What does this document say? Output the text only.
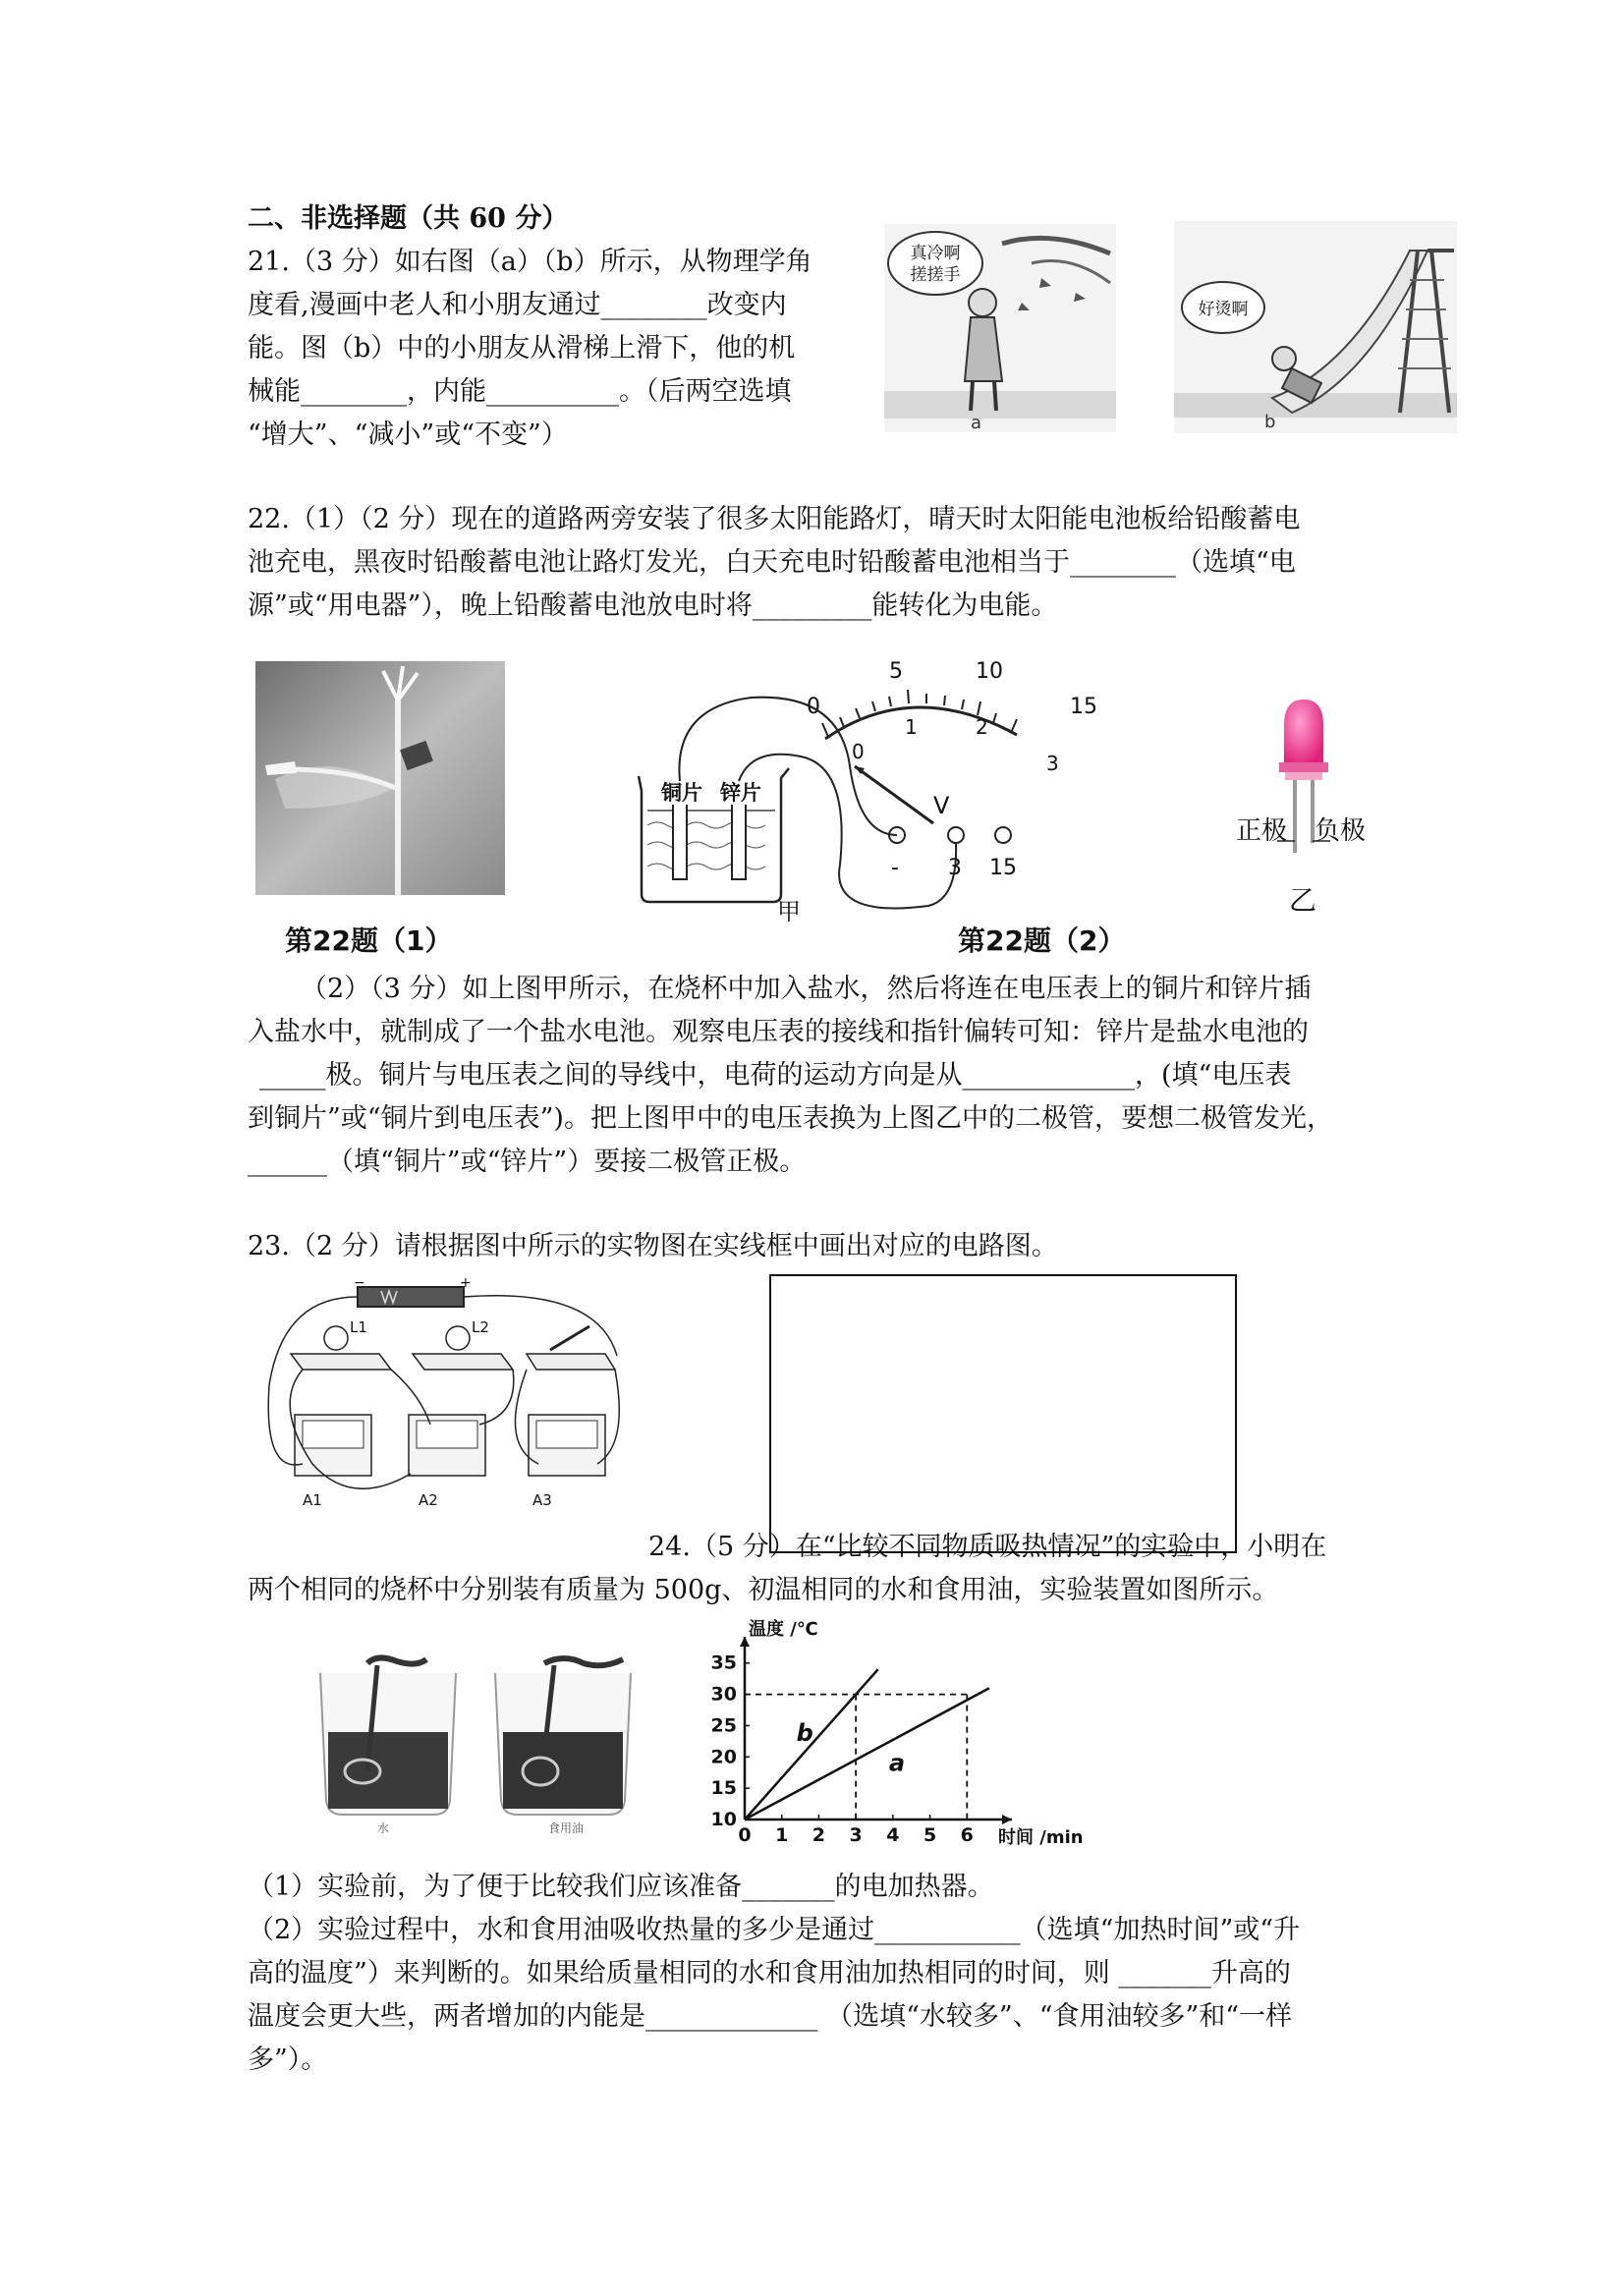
二、非选择题（共 60 分）
21.（3 分）如右图（a）（b）所示，从物理学角
度看,漫画中老人和小朋友通过________改变内
能。图（b）中的小朋友从滑梯上滑下，他的机
械能________，内能__________。（后两空选填
“增大”、“减小”或“不变”）
真冷啊
搓搓手
a
好烫啊
b
22.（1）（2 分）现在的道路两旁安装了很多太阳能路灯，晴天时太阳能电池板给铅酸蓄电
池充电，黑夜时铅酸蓄电池让路灯发光，白天充电时铅酸蓄电池相当于________（选填“电
源”或“用电器”），晚上铅酸蓄电池放电时将_________能转化为电能。
第22题（1）
0
5	10
15
0
1	2
3
V
- 3 15
铜片 锌片
甲
第22题（2）
正极 负极
乙
（2）（3 分）如上图甲所示，在烧杯中加入盐水，然后将连在电压表上的铜片和锌片插
入盐水中，就制成了一个盐水电池。观察电压表的接线和指针偏转可知：锌片是盐水电池的
_____极。铜片与电压表之间的导线中，电荷的运动方向是从_____________，(填“电压表
到铜片”或“铜片到电压表”)。把上图甲中的电压表换为上图乙中的二极管，要想二极管发光，
______（填“铜片”或“锌片”）要接二极管正极。
23.（2 分）请根据图中所示的实物图在实线框中画出对应的电路图。
−	+
L1	L2
A1	A2	A3
24.（5 分）在“比较不同物质吸热情况”的实验中，小明在
两个相同的烧杯中分别装有质量为 500g、初温相同的水和食用油，实验装置如图所示。
水	食用油	0 1 2 3 4 5 6
10
15
20
25
30
35
时间 /min
温度 /℃
b
a
（1）实验前，为了便于比较我们应该准备_______的电加热器。
（2）实验过程中，水和食用油吸收热量的多少是通过___________（选填“加热时间”或“升
高的温度”）来判断的。如果给质量相同的水和食用油加热相同的时间，则 _______升高的
温度会更大些，两者增加的内能是_____________ （选填“水较多”、“食用油较多”和“一样
多”）。
